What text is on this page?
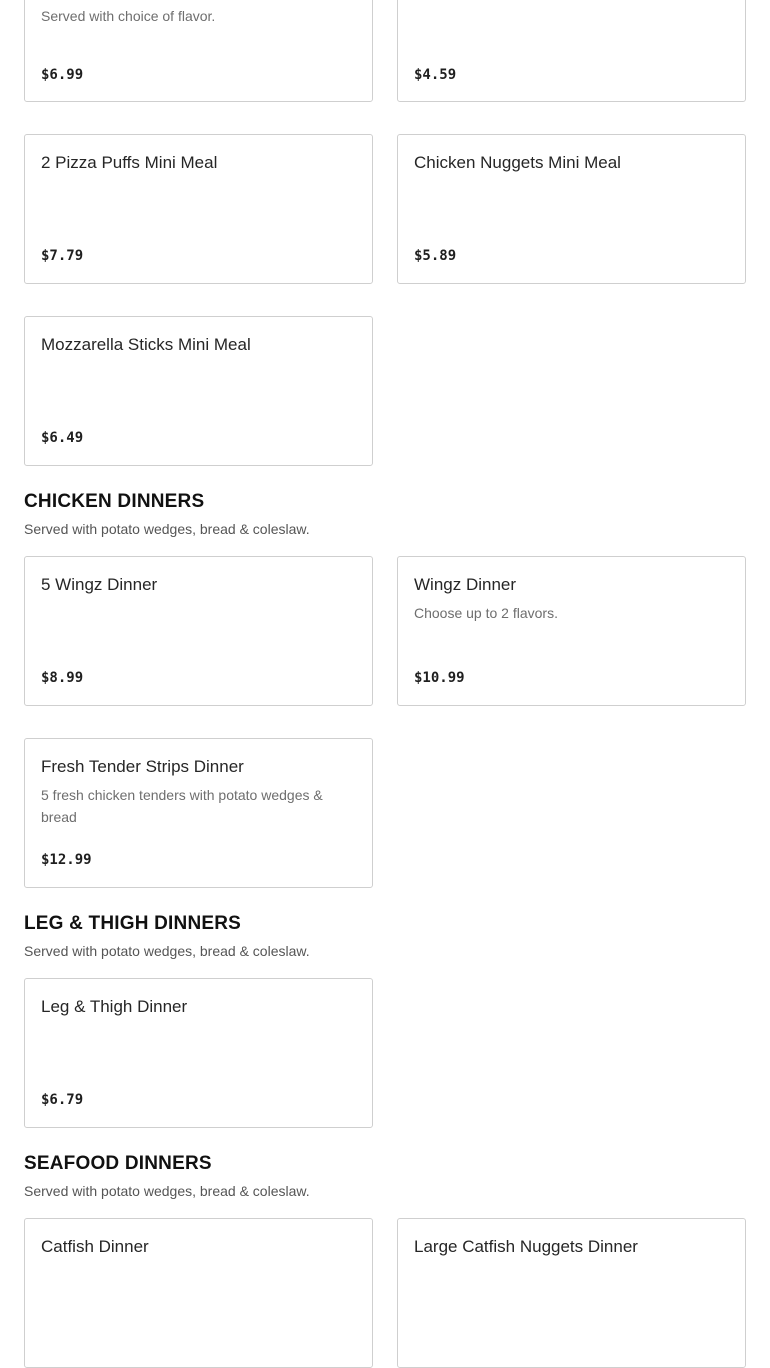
Served with choice of flavor.
$6.99	$4.59
2 Pizza Puffs Mini Meal
$7.79
Chicken Nuggets Mini Meal
$5.89
Mozzarella Sticks Mini Meal
$6.49
CHICKEN DINNERS
Served with potato wedges, bread & coleslaw.
5 Wingz Dinner
$8.99
Wingz Dinner
Choose up to 2 flavors.
$10.99
Fresh Tender Strips Dinner
5 fresh chicken tenders with potato wedges & bread
$12.99
LEG & THIGH DINNERS
Served with potato wedges, bread & coleslaw.
Leg & Thigh Dinner
$6.79
SEAFOOD DINNERS
Served with potato wedges, bread & coleslaw.
Catfish Dinner	Large Catfish Nuggets Dinner
